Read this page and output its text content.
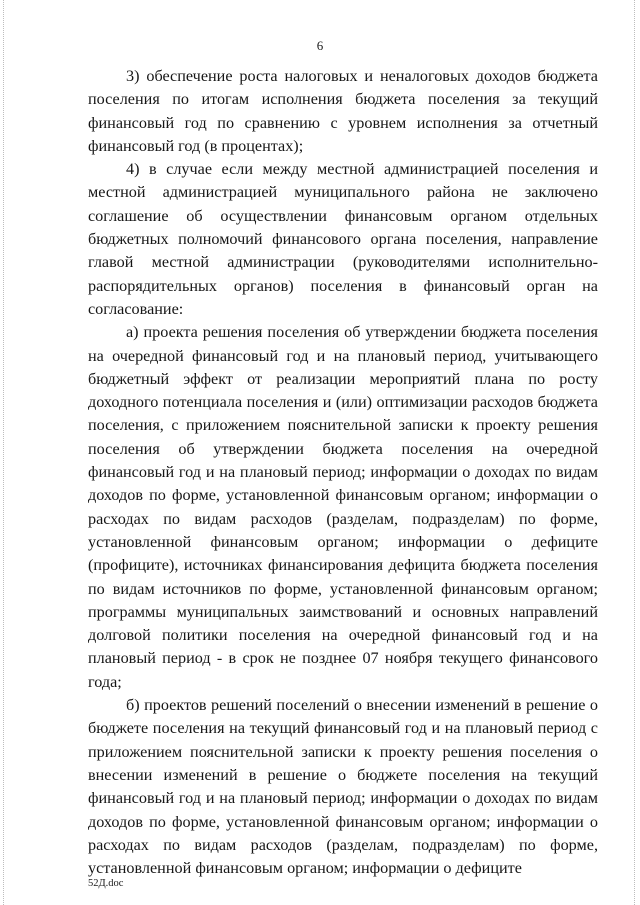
6

3) обеспечение роста налоговых и неналоговых доходов бюджета поселения по итогам исполнения бюджета поселения за текущий финансовый год по сравнению с уровнем исполнения за отчетный финансовый год (в процентах);

4) в случае если между местной администрацией поселения и местной администрацией муниципального района не заключено соглашение об осуществлении финансовым органом отдельных бюджетных полномочий финансового органа поселения, направление главой местной администрации (руководителями исполнительно-распорядительных органов) поселения в финансовый орган на согласование:

а) проекта решения поселения об утверждении бюджета поселения на очередной финансовый год и на плановый период, учитывающего бюджетный эффект от реализации мероприятий плана по росту доходного потенциала поселения и (или) оптимизации расходов бюджета поселения, с приложением пояснительной записки к проекту решения поселения об утверждении бюджета поселения на очередной финансовый год и на плановый период; информации о доходах по видам доходов по форме, установленной финансовым органом; информации о расходах по видам расходов (разделам, подразделам) по форме, установленной финансовым органом; информации о дефиците (профиците), источниках финансирования дефицита бюджета поселения по видам источников по форме, установленной финансовым органом; программы муниципальных заимствований и основных направлений долговой политики поселения на очередной финансовый год и на плановый период - в срок не позднее 07 ноября текущего финансового года;

б) проектов решений поселений о внесении изменений в решение о бюджете поселения на текущий финансовый год и на плановый период с приложением пояснительной записки к проекту решения поселения о внесении изменений в решение о бюджете поселения на текущий финансовый год и на плановый период; информации о доходах по видам доходов по форме, установленной финансовым органом; информации о расходах по видам расходов (разделам, подразделам) по форме, установленной финансовым органом; информации о дефиците

52Д.doc
